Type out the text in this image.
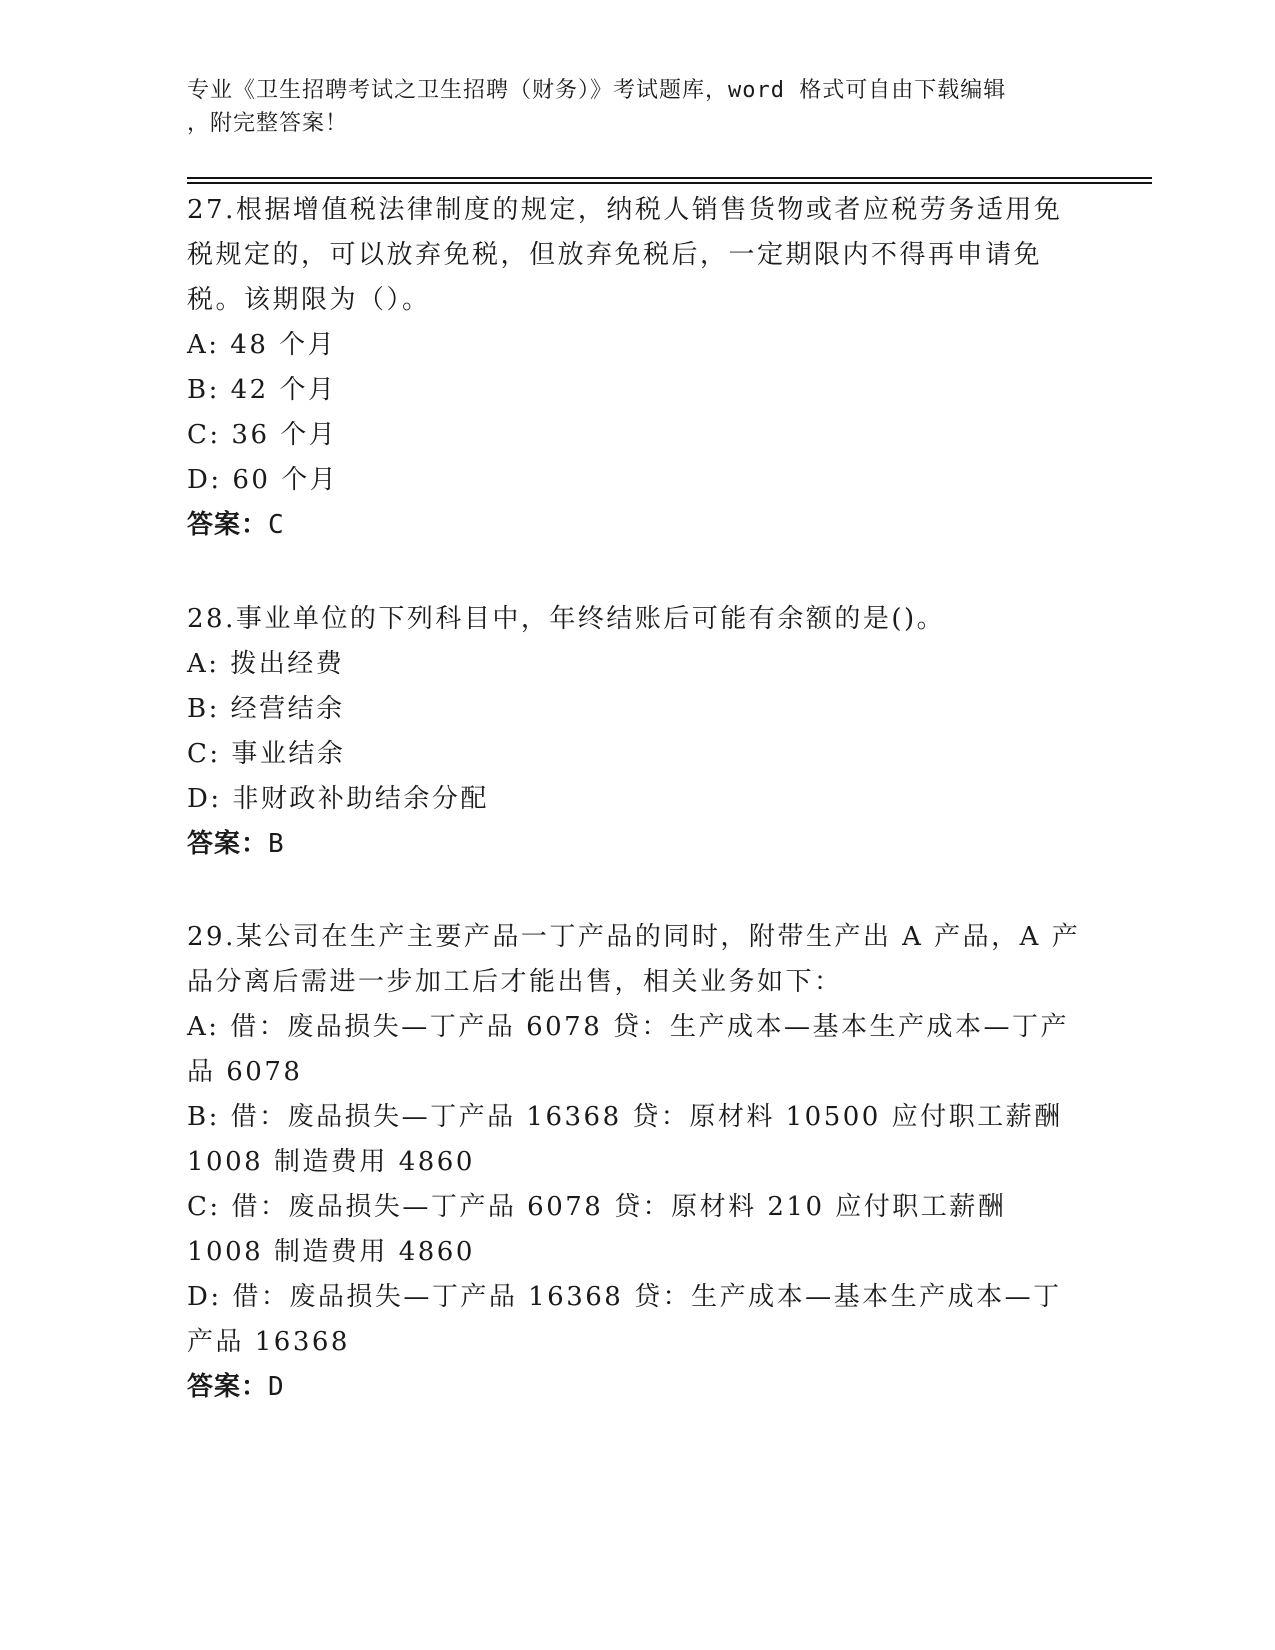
专业《卫生招聘考试之卫生招聘（财务）》考试题库，word 格式可自由下载编辑
，附完整答案！

27.根据增值税法律制度的规定，纳税人销售货物或者应税劳务适用免税规定的，可以放弃免税，但放弃免税后，一定期限内不得再申请免税。该期限为（）。

A: 48 个月

B: 42 个月

C: 36 个月

D: 60 个月

答案：C

28.事业单位的下列科目中，年终结账后可能有余额的是()。

A: 拨出经费

B: 经营结余

C: 事业结余

D: 非财政补助结余分配

答案：B

29.某公司在生产主要产品一丁产品的同时，附带生产出 A 产品，A 产品分离后需进一步加工后才能出售，相关业务如下：

A: 借：废品损失—丁产品 6078 贷：生产成本—基本生产成本—丁产品 6078

B: 借：废品损失—丁产品 16368 贷：原材料 10500 应付职工薪酬 1008 制造费用 4860

C: 借：废品损失—丁产品 6078 贷：原材料 210 应付职工薪酬 1008 制造费用 4860

D: 借：废品损失—丁产品 16368 贷：生产成本—基本生产成本—丁产品 16368

答案：D
